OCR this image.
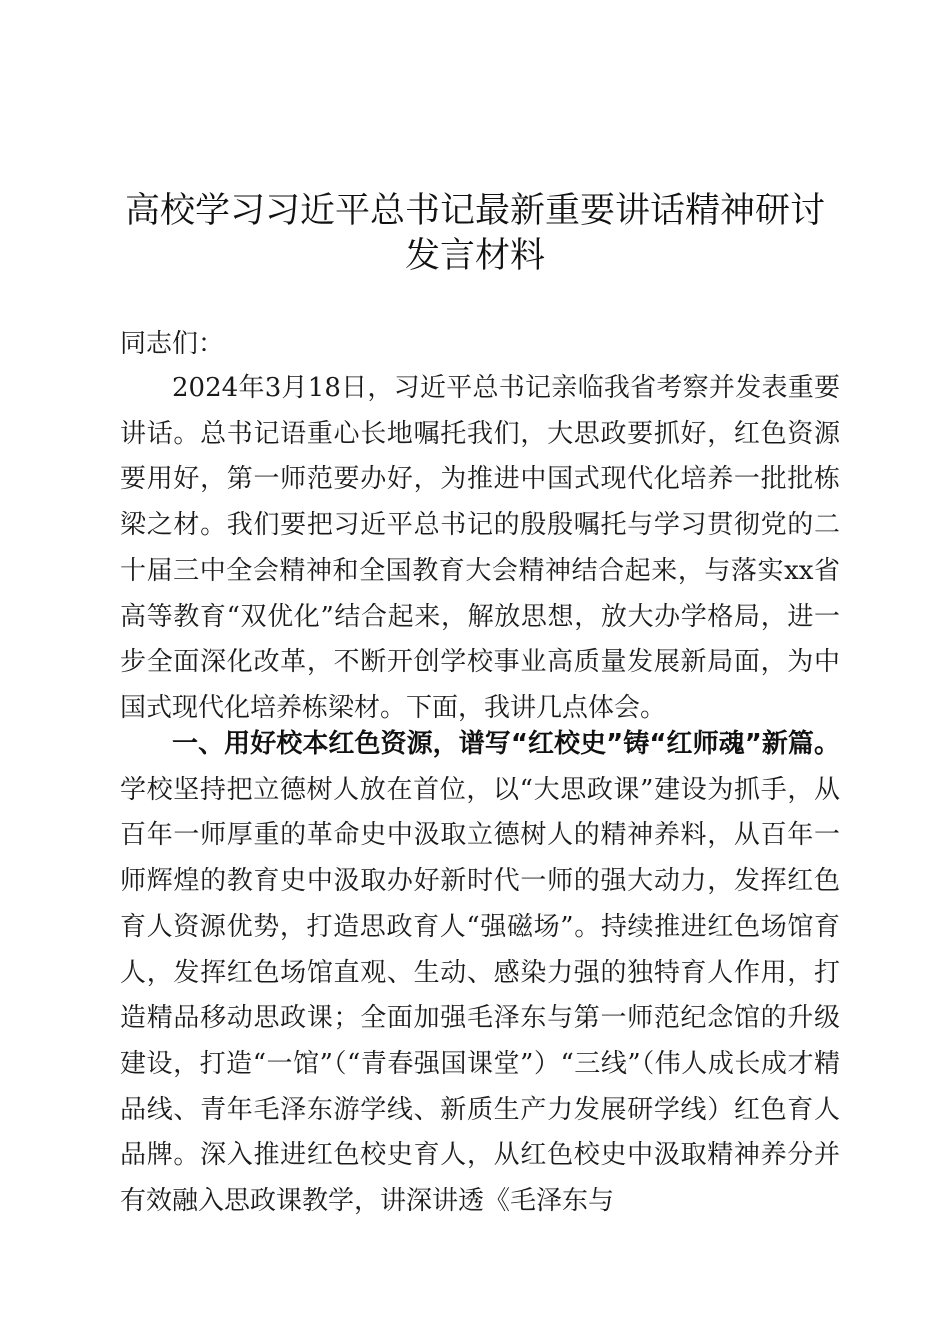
高校学习习近平总书记最新重要讲话精神研讨
发言材料

同志们：

2024年3月18日，习近平总书记亲临我省考察并发表重要讲话。总书记语重心长地嘱托我们，大思政要抓好，红色资源要用好，第一师范要办好，为推进中国式现代化培养一批批栋梁之材。我们要把习近平总书记的殷殷嘱托与学习贯彻党的二十届三中全会精神和全国教育大会精神结合起来，与落实xx省高等教育“双优化”结合起来，解放思想，放大办学格局，进一步全面深化改革，不断开创学校事业高质量发展新局面，为中国式现代化培养栋梁材。下面，我讲几点体会。

一、用好校本红色资源，谱写“红校史”铸“红师魂”新篇。学校坚持把立德树人放在首位，以“大思政课”建设为抓手，从百年一师厚重的革命史中汲取立德树人的精神养料，从百年一师辉煌的教育史中汲取办好新时代一师的强大动力，发挥红色育人资源优势，打造思政育人“强磁场”。持续推进红色场馆育人，发挥红色场馆直观、生动、感染力强的独特育人作用，打造精品移动思政课；全面加强毛泽东与第一师范纪念馆的升级建设，打造“一馆”（“青春强国课堂”）“三线”（伟人成长成才精品线、青年毛泽东游学线、新质生产力发展研学线）红色育人品牌。深入推进红色校史育人，从红色校史中汲取精神养分并有效融入思政课教学，讲深讲透《毛泽东与
